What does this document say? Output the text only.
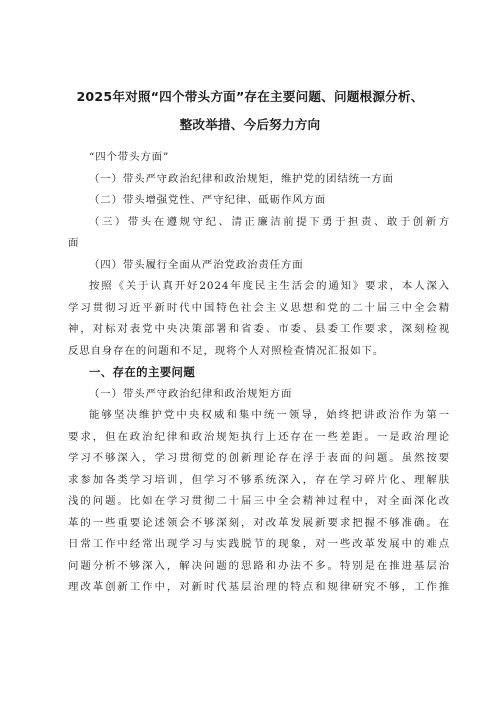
2025年对照“四个带头方面”存在主要问题、问题根源分析、
整改举措、今后努力方向
“四个带头方面”
（一）带头严守政治纪律和政治规矩，维护党的团结统一方面
（二）带头增强党性、严守纪律、砥砺作风方面
（三）带头在遵规守纪、清正廉洁前提下勇于担责、敢于创新方
面
（四）带头履行全面从严治党政治责任方面
按照《关于认真开好2024年度民主生活会的通知》要求，本人深入
学习贯彻习近平新时代中国特色社会主义思想和党的二十届三中全会精
神，对标对表党中央决策部署和省委、市委、县委工作要求，深刻检视
反思自身存在的问题和不足，现将个人对照检查情况汇报如下。
一、存在的主要问题
（一）带头严守政治纪律和政治规矩方面
能够坚决维护党中央权威和集中统一领导，始终把讲政治作为第一
要求，但在政治纪律和政治规矩执行上还存在一些差距。一是政治理论
学习不够深入，学习贯彻党的创新理论存在浮于表面的问题。虽然按要
求参加各类学习培训，但学习不够系统深入，存在学习碎片化、理解肤
浅的问题。比如在学习贯彻二十届三中全会精神过程中，对全面深化改
革的一些重要论述领会不够深刻，对改革发展新要求把握不够准确。在
日常工作中经常出现学习与实践脱节的现象，对一些改革发展中的难点
问题分析不够深入，解决问题的思路和办法不多。特别是在推进基层治
理改革创新工作中，对新时代基层治理的特点和规律研究不够，工作推
